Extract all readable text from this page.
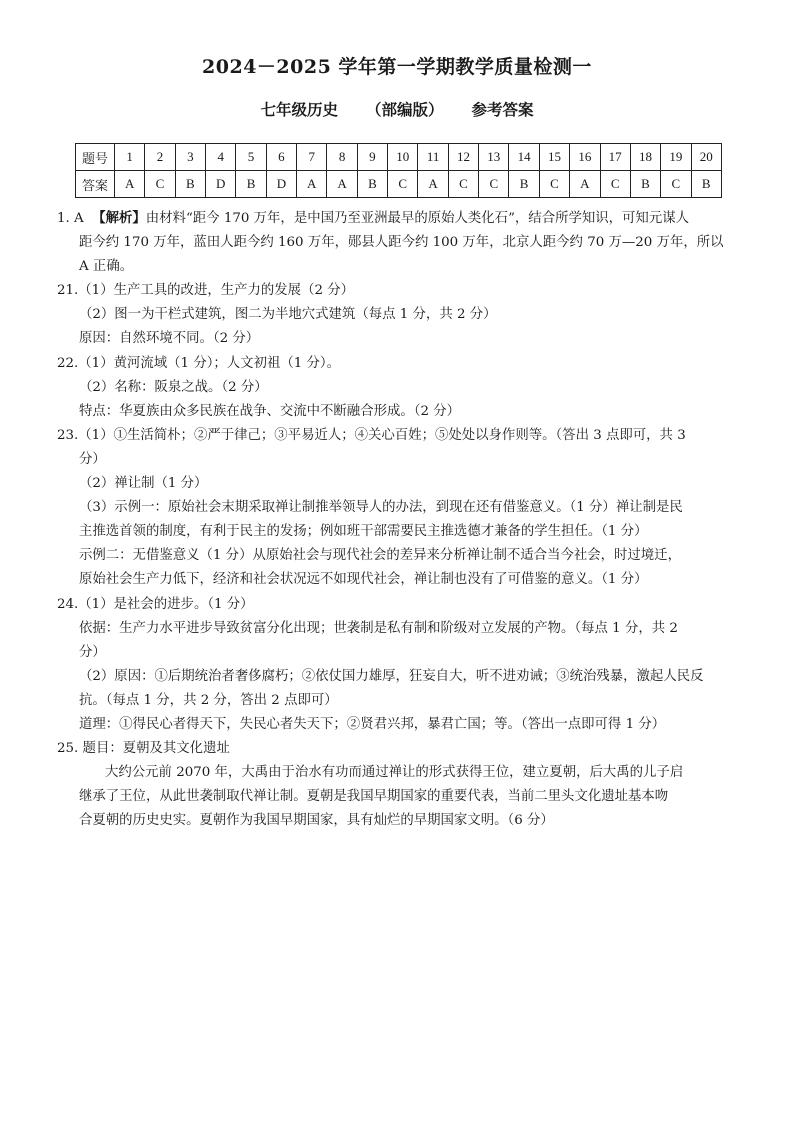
2024－2025 学年第一学期教学质量检测一
七年级历史 （部编版） 参考答案
题号	1	2	3	4	5	6	7	8	9	10	11	12	13	14	15	16	17	18	19	20
答案	A	C	B	D	B	D	A	A	B	C	A	C	C	B	C	A	C	B	C	B

1. A 【解析】由材料“距今 170 万年，是中国乃至亚洲最早的原始人类化石”，结合所学知识，可知元谋人

距今约 170 万年，蓝田人距今约 160 万年，郧县人距今约 100 万年，北京人距今约 70 万—20 万年，所以

A 正确。

21.（1）生产工具的改进，生产力的发展（2 分）

（2）图一为干栏式建筑，图二为半地穴式建筑（每点 1 分，共 2 分）

原因：自然环境不同。（2 分）

22.（1）黄河流域（1 分）；人文初祖（1 分）。

（2）名称：阪泉之战。（2 分）

特点：华夏族由众多民族在战争、交流中不断融合形成。（2 分）

23.（1）①生活简朴；②严于律己；③平易近人；④关心百姓；⑤处处以身作则等。（答出 3 点即可，共 3

分）

（2）禅让制（1 分）

（3）示例一：原始社会末期采取禅让制推举领导人的办法，到现在还有借鉴意义。（1 分）禅让制是民

主推选首领的制度，有利于民主的发扬；例如班干部需要民主推选德才兼备的学生担任。（1 分）

示例二：无借鉴意义（1 分）从原始社会与现代社会的差异来分析禅让制不适合当今社会，时过境迁，

原始社会生产力低下，经济和社会状况远不如现代社会，禅让制也没有了可借鉴的意义。（1 分）

24.（1）是社会的进步。（1 分）

依据：生产力水平进步导致贫富分化出现；世袭制是私有制和阶级对立发展的产物。（每点 1 分，共 2

分）

（2）原因：①后期统治者奢侈腐朽；②依仗国力雄厚，狂妄自大，听不进劝诫；③统治残暴，激起人民反

抗。（每点 1 分，共 2 分，答出 2 点即可）

道理：①得民心者得天下，失民心者失天下；②贤君兴邦，暴君亡国；等。（答出一点即可得 1 分）

25. 题目：夏朝及其文化遗址

大约公元前 2070 年，大禹由于治水有功而通过禅让的形式获得王位，建立夏朝，后大禹的儿子启

继承了王位，从此世袭制取代禅让制。夏朝是我国早期国家的重要代表，当前二里头文化遗址基本吻

合夏朝的历史史实。夏朝作为我国早期国家，具有灿烂的早期国家文明。（6 分）
